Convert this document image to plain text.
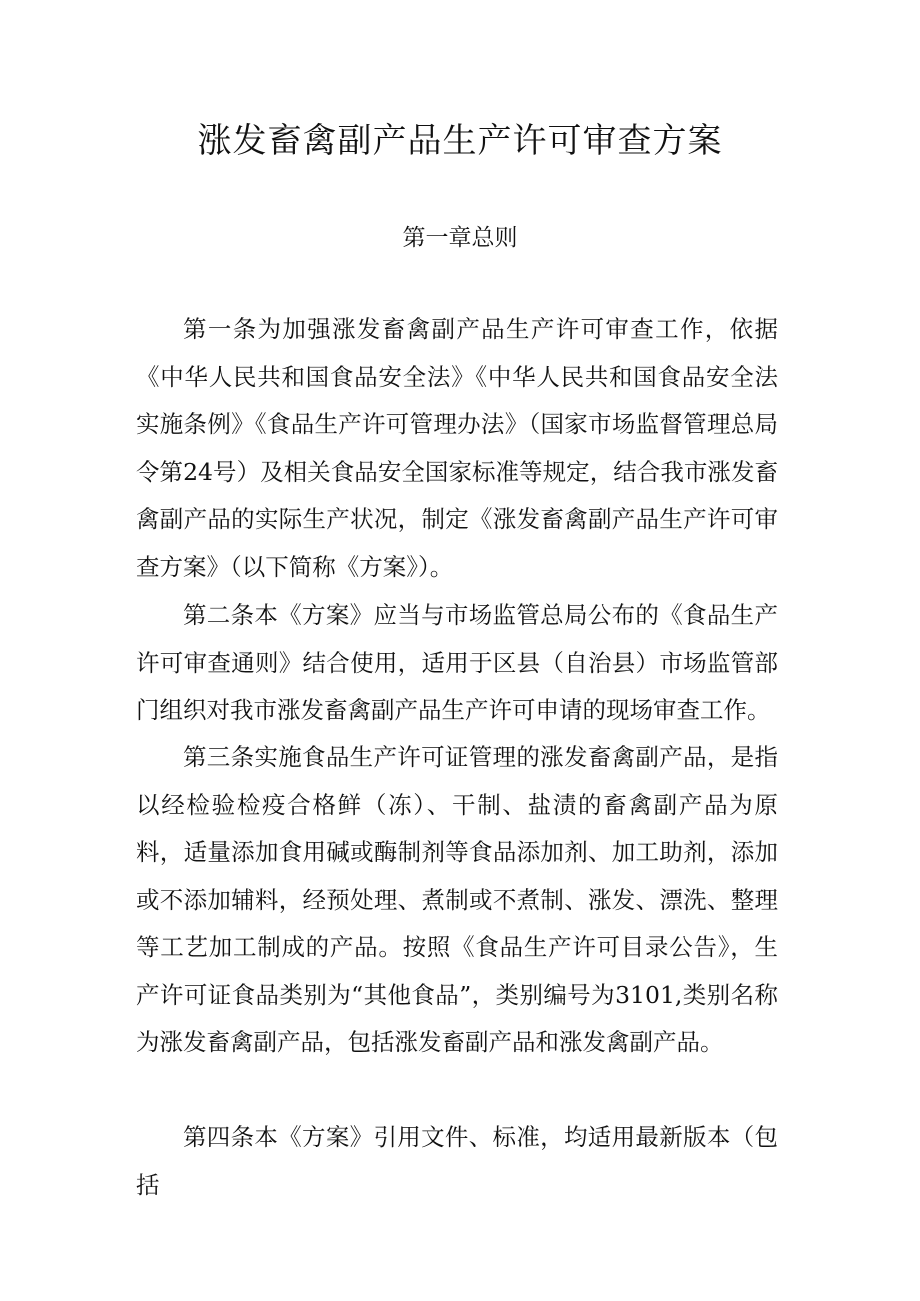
涨发畜禽副产品生产许可审查方案
第一章总则

第一条为加强涨发畜禽副产品生产许可审查工作，依据《中华人民共和国食品安全法》《中华人民共和国食品安全法实施条例》《食品生产许可管理办法》（国家市场监督管理总局令第24号）及相关食品安全国家标准等规定，结合我市涨发畜禽副产品的实际生产状况，制定《涨发畜禽副产品生产许可审查方案》（以下简称《方案》）。

第二条本《方案》应当与市场监管总局公布的《食品生产许可审查通则》结合使用，适用于区县（自治县）市场监管部门组织对我市涨发畜禽副产品生产许可申请的现场审查工作。

第三条实施食品生产许可证管理的涨发畜禽副产品，是指以经检验检疫合格鲜（冻）、干制、盐渍的畜禽副产品为原料，适量添加食用碱或酶制剂等食品添加剂、加工助剂，添加或不添加辅料，经预处理、煮制或不煮制、涨发、漂洗、整理等工艺加工制成的产品。按照《食品生产许可目录公告》，生产许可证食品类别为“其他食品”，类别编号为3101,类别名称为涨发畜禽副产品，包括涨发畜副产品和涨发禽副产品。

第四条本《方案》引用文件、标准，均适用最新版本（包括
